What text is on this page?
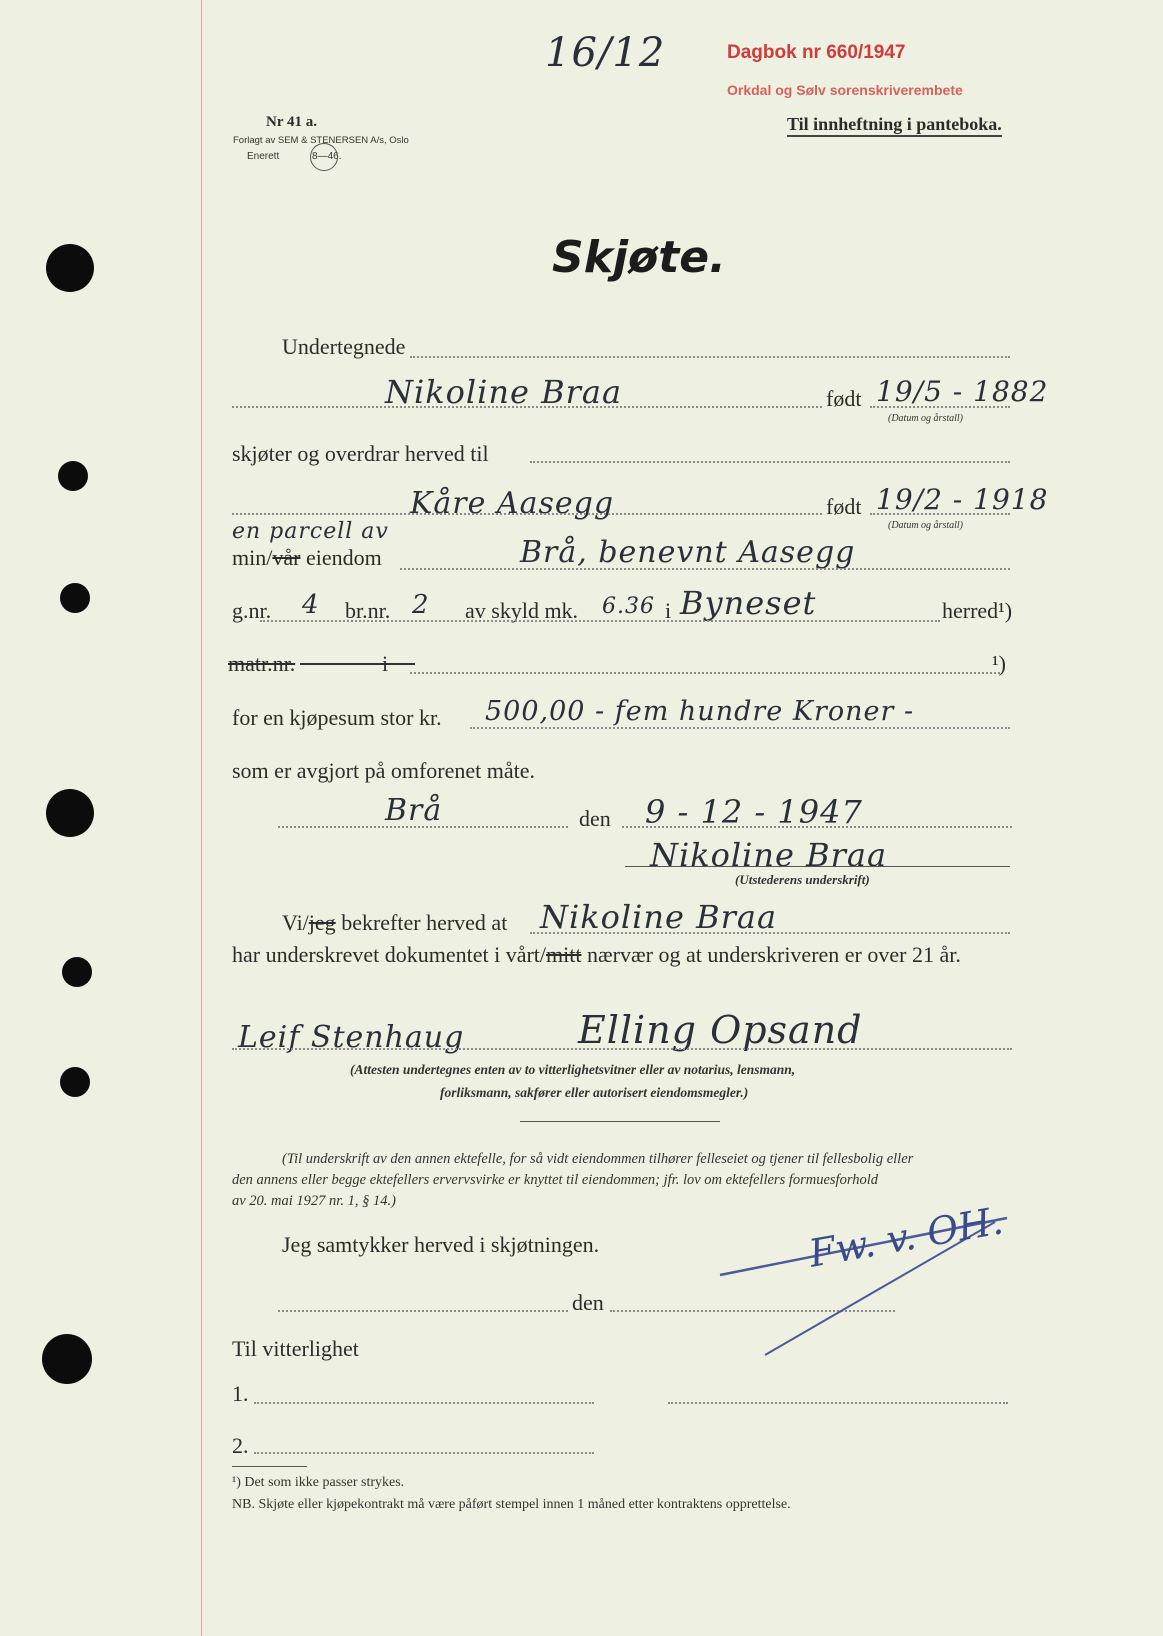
16/12	Dagbok nr 660/1947
Orkdal og Sølv sorenskriverembete
Til innheftning i panteboka.
Nr 41 a.
Forlagt av SEM & STENERSEN A/s, Oslo
Enerett 8—46.
Skjøte.
Undertegnede
Nikoline Braa	født 19/5 - 1882
(Datum og årstall)
skjøter og overdrar herved til
Kåre Aasegg	født 19/2 - 1918
(Datum og årstall)
en parcell av
min/vår eiendom	Brå, benevnt Aasegg
g.nr. 4 br.nr. 2 av skyld mk. 6.36 i Byneset	herred¹)
matr.nr.	i	¹)
for en kjøpesum stor kr. 500,00 - fem hundre Kroner -
som er avgjort på omforenet måte.
Brå	den 9 - 12 - 1947
Nikoline Braa
(Utstederens underskrift)
Vi/jeg bekrefter herved at Nikoline Braa
har underskrevet dokumentet i vårt/mitt nærvær og at underskriveren er over 21 år.
Leif Stenhaug	Elling Opsand
(Attesten undertegnes enten av to vitterlighetsvitner eller av notarius, lensmann,
forliksmann, sakfører eller autorisert eiendomsmegler.)
(Til underskrift av den annen ektefelle, for så vidt eiendommen tilhører felleseiet og tjener til fellesbolig eller
den annens eller begge ektefellers ervervsvirke er knyttet til eiendommen; jfr. lov om ektefellers formuesforhold
av 20. mai 1927 nr. 1, § 14.)
Jeg samtykker herved i skjøtningen.
den
Fw. v. OH.
Til vitterlighet
1.
2.
¹) Det som ikke passer strykes.
NB. Skjøte eller kjøpekontrakt må være påført stempel innen 1 måned etter kontraktens opprettelse.
